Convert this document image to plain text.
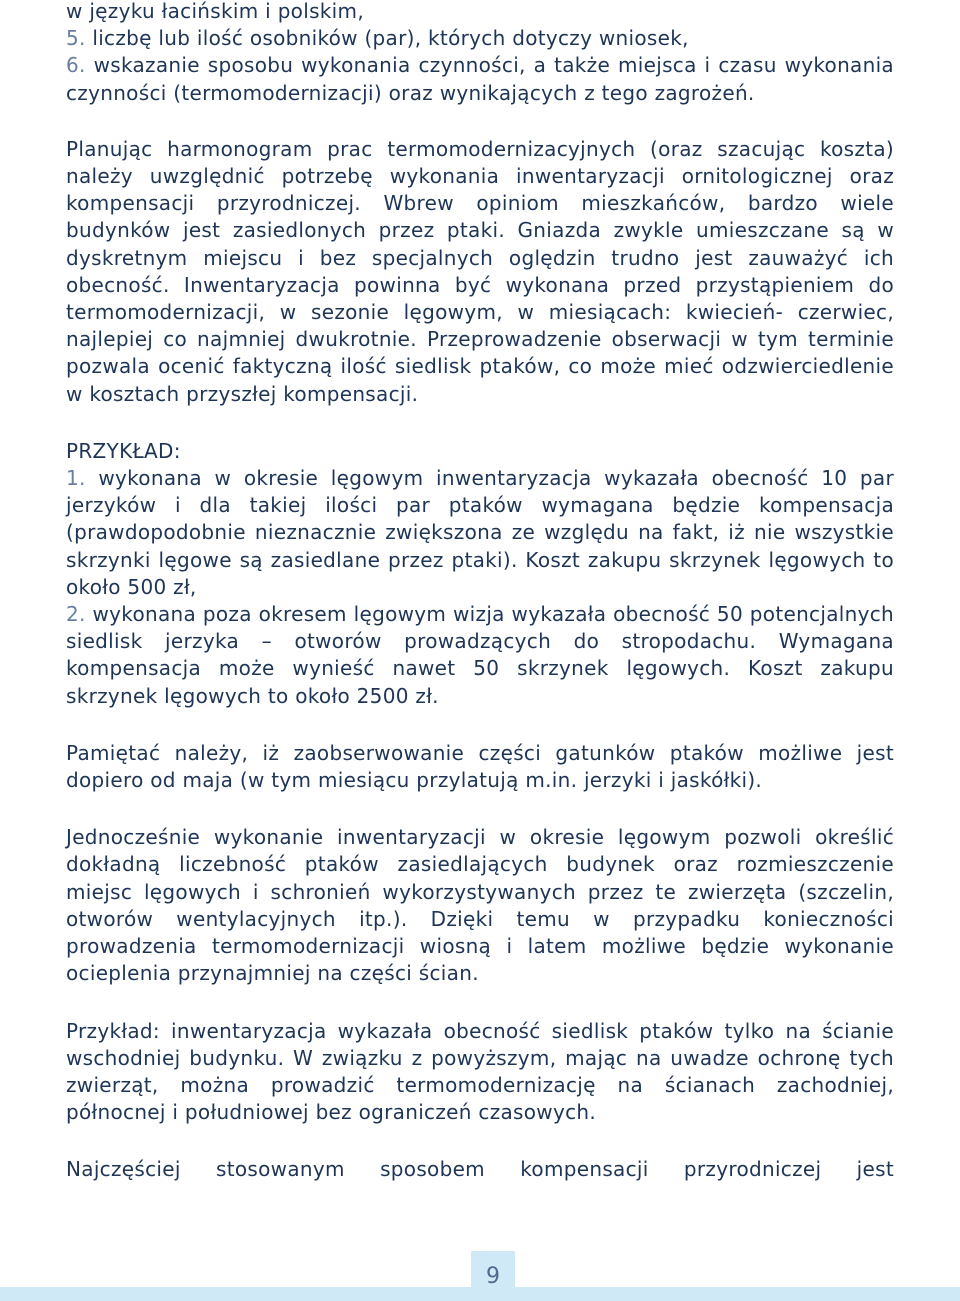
w języku łacińskim i polskim,

5. liczbę lub ilość osobników (par), których dotyczy wniosek,

6. wskazanie sposobu wykonania czynności, a także miejsca i czasu wykonania czynności (termomodernizacji) oraz wynikających z tego zagrożeń.

Planując harmonogram prac termomodernizacyjnych (oraz szacując koszta) należy uwzględnić potrzebę wykonania inwentaryzacji ornitologicznej oraz kompensacji przyrodniczej. Wbrew opiniom mieszkańców, bardzo wiele budynków jest zasiedlonych przez ptaki. Gniazda zwykle umieszczane są w dyskretnym miejscu i bez specjalnych oględzin trudno jest zauważyć ich obecność. Inwentaryzacja powinna być wykonana przed przystąpieniem do termomodernizacji, w sezonie lęgowym, w miesiącach: kwiecień- czerwiec, najlepiej co najmniej dwukrotnie. Przeprowadzenie obserwacji w tym terminie pozwala ocenić faktyczną ilość siedlisk ptaków, co może mieć odzwierciedlenie w kosztach przyszłej kompensacji.

PRZYKŁAD:

1. wykonana w okresie lęgowym inwentaryzacja wykazała obecność 10 par jerzyków i dla takiej ilości par ptaków wymagana będzie kompensacja (prawdopodobnie nieznacznie zwiększona ze względu na fakt, iż nie wszystkie skrzynki lęgowe są zasiedlane przez ptaki). Koszt zakupu skrzynek lęgowych to około 500 zł,

2. wykonana poza okresem lęgowym wizja wykazała obecność 50 potencjalnych siedlisk jerzyka – otworów prowadzących do stropodachu. Wymagana kompensacja może wynieść nawet 50 skrzynek lęgowych. Koszt zakupu skrzynek lęgowych to około 2500 zł.

Pamiętać należy, iż zaobserwowanie części gatunków ptaków możliwe jest dopiero od maja (w tym miesiącu przylatują m.in. jerzyki i jaskółki).

Jednocześnie wykonanie inwentaryzacji w okresie lęgowym pozwoli określić dokładną liczebność ptaków zasiedlających budynek oraz rozmieszczenie miejsc lęgowych i schronień wykorzystywanych przez te zwierzęta (szczelin, otworów wentylacyjnych itp.). Dzięki temu w przypadku konieczności prowadzenia termomodernizacji wiosną i latem możliwe będzie wykonanie ocieplenia przynajmniej na części ścian.

Przykład: inwentaryzacja wykazała obecność siedlisk ptaków tylko na ścianie wschodniej budynku. W związku z powyższym, mając na uwadze ochronę tych zwierząt, można prowadzić termomodernizację na ścianach zachodniej, północnej i południowej bez ograniczeń czasowych.

Najczęściej stosowanym sposobem kompensacji przyrodniczej jest

9
